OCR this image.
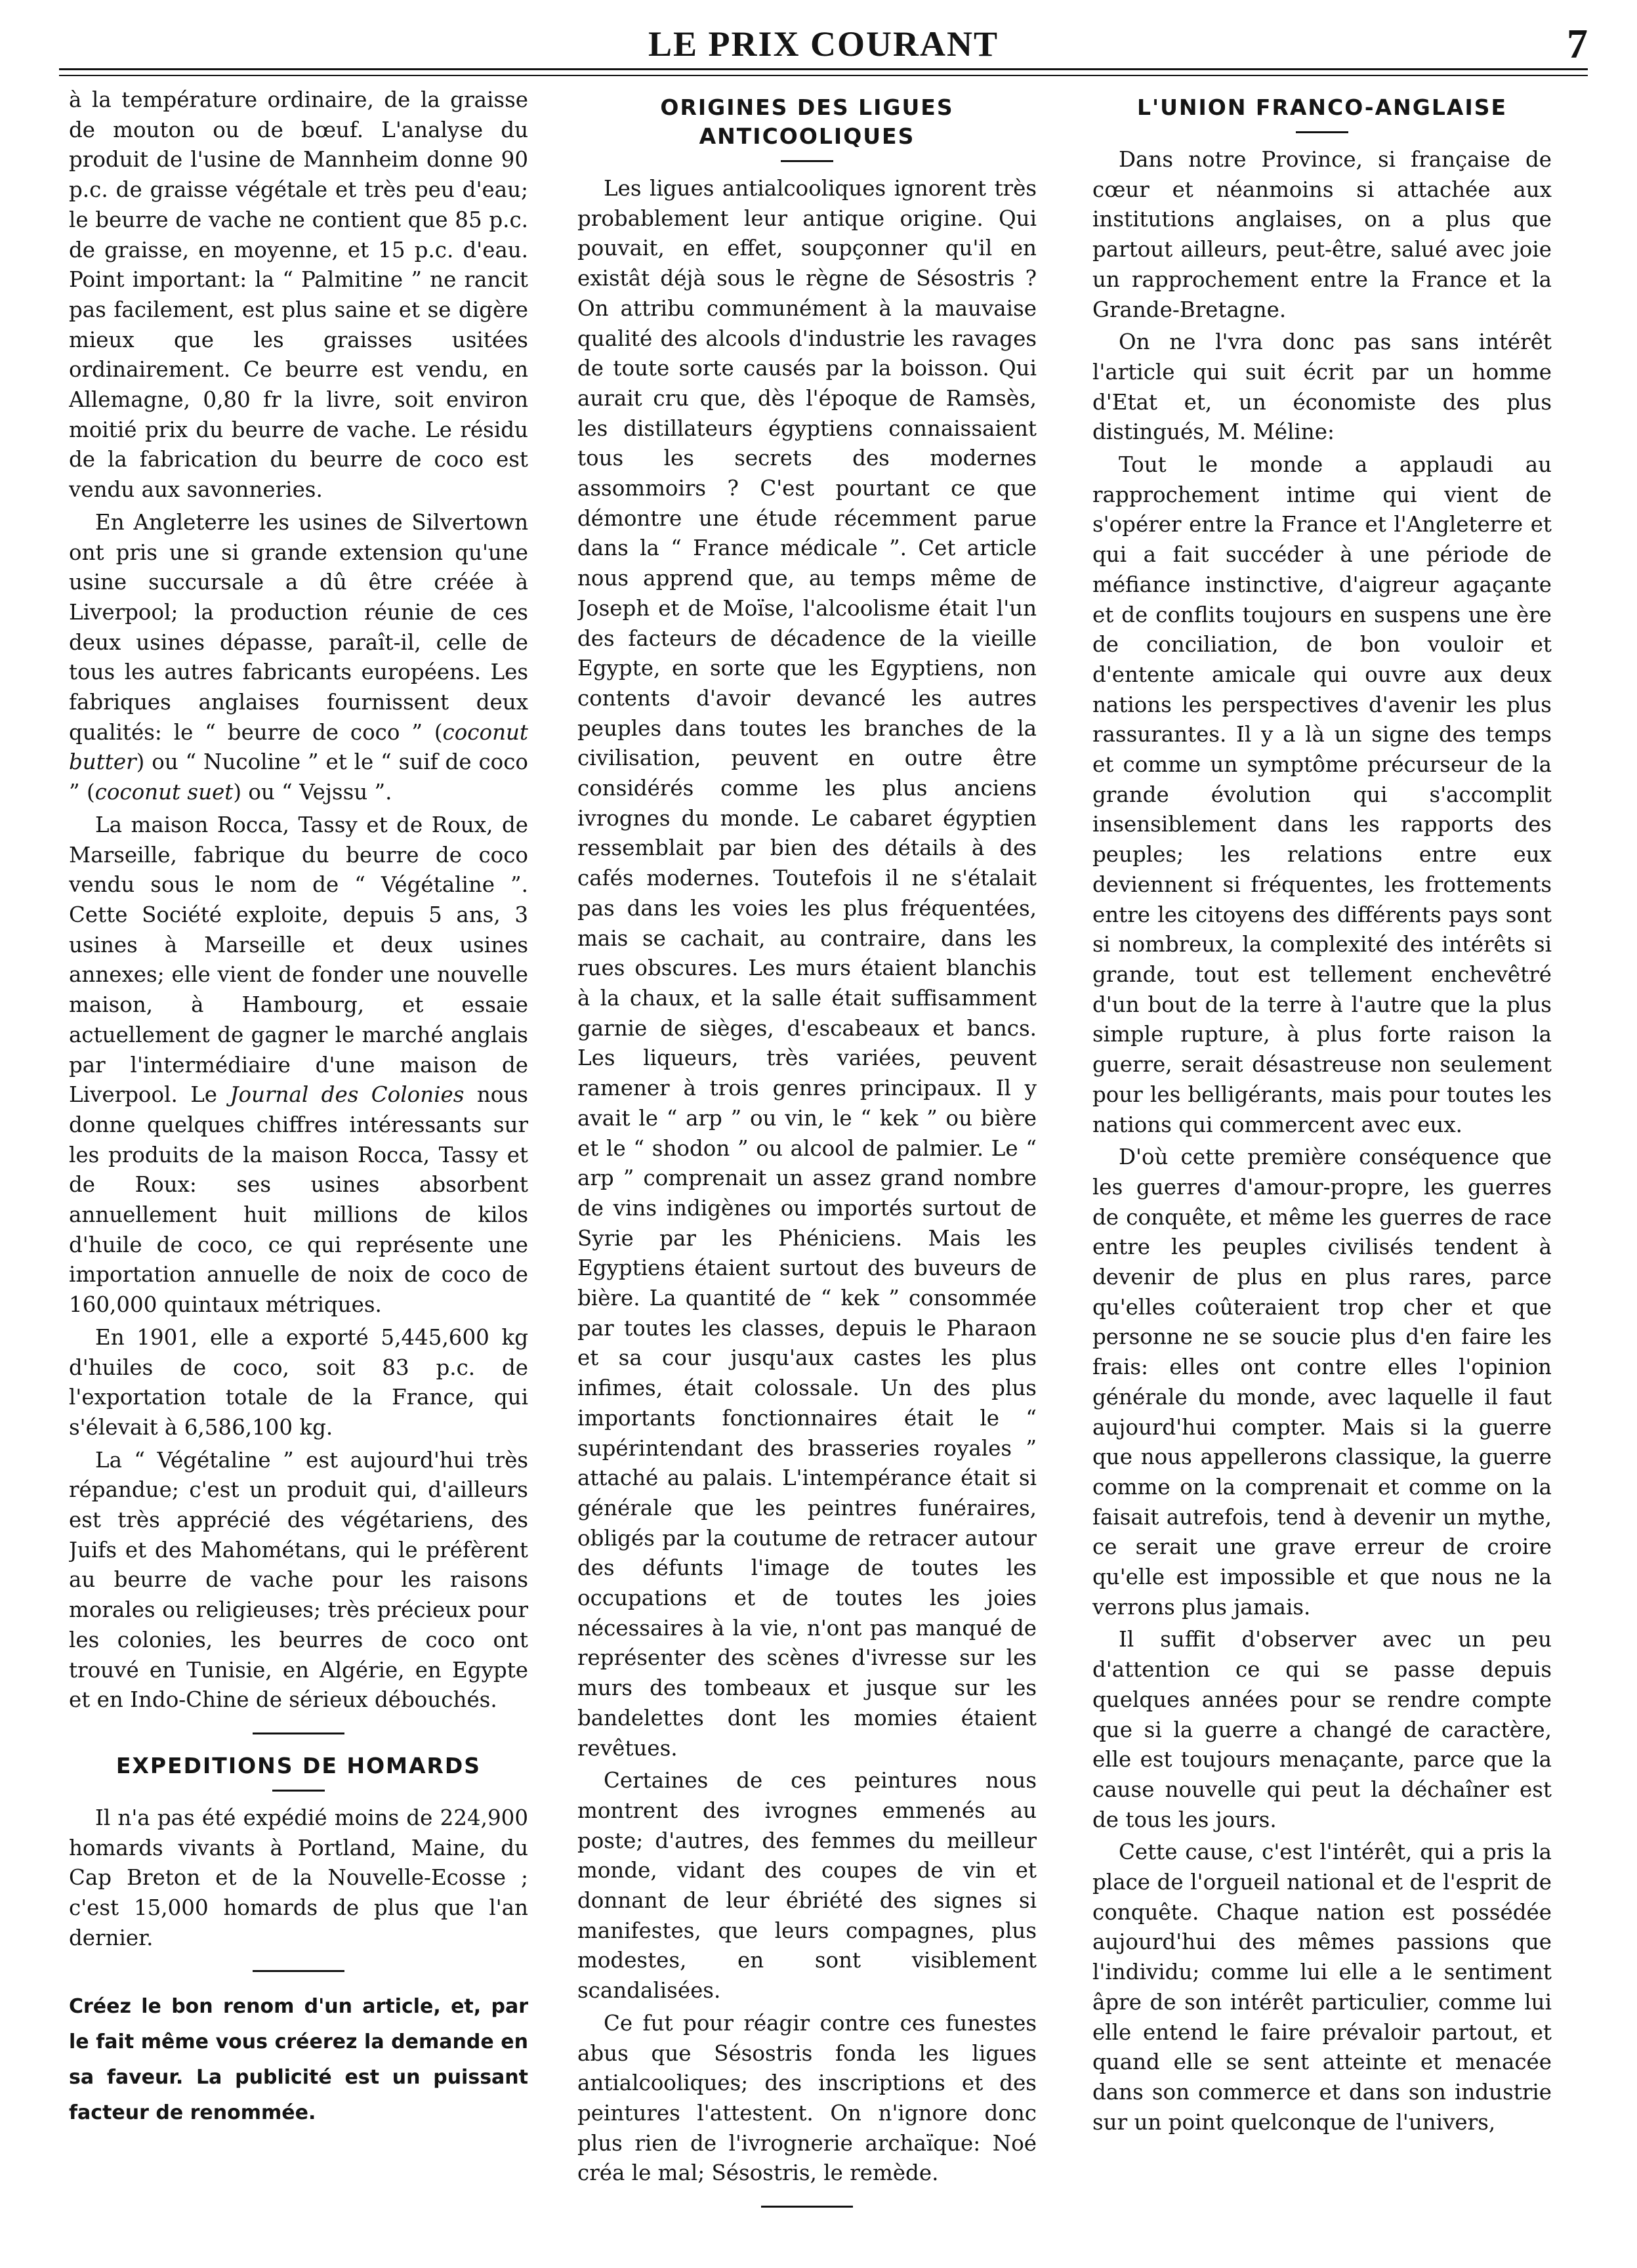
LE PRIX COURANT	7

à la température ordinaire, de la graisse de mouton ou de bœuf. L'analyse du produit de l'usine de Mannheim donne 90 p.c. de graisse végétale et très peu d'eau; le beurre de vache ne contient que 85 p.c. de graisse, en moyenne, et 15 p.c. d'eau. Point important: la “ Palmitine ” ne rancit pas facilement, est plus saine et se digère mieux que les graisses usitées ordinairement. Ce beurre est vendu, en Allemagne, 0,80 fr la livre, soit environ moitié prix du beurre de vache. Le résidu de la fabrication du beurre de coco est vendu aux savonneries.

En Angleterre les usines de Silvertown ont pris une si grande extension qu'une usine succursale a dû être créée à Liverpool; la production réunie de ces deux usines dépasse, paraît-il, celle de tous les autres fabricants européens. Les fabriques anglaises fournissent deux qualités: le “ beurre de coco ” (coconut butter) ou “ Nucoline ” et le “ suif de coco ” (coconut suet) ou “ Vejssu ”.

La maison Rocca, Tassy et de Roux, de Marseille, fabrique du beurre de coco vendu sous le nom de “ Végétaline ”. Cette Société exploite, depuis 5 ans, 3 usines à Marseille et deux usines annexes; elle vient de fonder une nouvelle maison, à Hambourg, et essaie actuellement de gagner le marché anglais par l'intermédiaire d'une maison de Liverpool. Le Journal des Colonies nous donne quelques chiffres intéressants sur les produits de la maison Rocca, Tassy et de Roux: ses usines absorbent annuellement huit millions de kilos d'huile de coco, ce qui représente une importation annuelle de noix de coco de 160,000 quintaux métriques.

En 1901, elle a exporté 5,445,600 kg d'huiles de coco, soit 83 p.c. de l'exportation totale de la France, qui s'élevait à 6,586,100 kg.

La “ Végétaline ” est aujourd'hui très répandue; c'est un produit qui, d'ailleurs est très apprécié des végétariens, des Juifs et des Mahométans, qui le préfèrent au beurre de vache pour les raisons morales ou religieuses; très précieux pour les colonies, les beurres de coco ont trouvé en Tunisie, en Algérie, en Egypte et en Indo-Chine de sérieux débouchés.

EXPEDITIONS DE HOMARDS

Il n'a pas été expédié moins de 224,900 homards vivants à Portland, Maine, du Cap Breton et de la Nouvelle-Ecosse ; c'est 15,000 homards de plus que l'an dernier.

Créez le bon renom d'un article, et, par le fait même vous créerez la demande en sa faveur. La publicité est un puissant facteur de renommée.

ORIGINES DES LIGUES ANTICOOLIQUES

Les ligues antialcooliques ignorent très probablement leur antique origine. Qui pouvait, en effet, soupçonner qu'il en existât déjà sous le règne de Sésostris ? On attribu communément à la mauvaise qualité des alcools d'industrie les ravages de toute sorte causés par la boisson. Qui aurait cru que, dès l'époque de Ramsès, les distillateurs égyptiens connaissaient tous les secrets des modernes assommoirs ? C'est pourtant ce que démontre une étude récemment parue dans la “ France médicale ”. Cet article nous apprend que, au temps même de Joseph et de Moïse, l'alcoolisme était l'un des facteurs de décadence de la vieille Egypte, en sorte que les Egyptiens, non contents d'avoir devancé les autres peuples dans toutes les branches de la civilisation, peuvent en outre être considérés comme les plus anciens ivrognes du monde. Le cabaret égyptien ressemblait par bien des détails à des cafés modernes. Toutefois il ne s'étalait pas dans les voies les plus fréquentées, mais se cachait, au contraire, dans les rues obscures. Les murs étaient blanchis à la chaux, et la salle était suffisamment garnie de sièges, d'escabeaux et bancs. Les liqueurs, très variées, peuvent ramener à trois genres principaux. Il y avait le “ arp ” ou vin, le “ kek ” ou bière et le “ shodon ” ou alcool de palmier. Le “ arp ” comprenait un assez grand nombre de vins indigènes ou importés surtout de Syrie par les Phéniciens. Mais les Egyptiens étaient surtout des buveurs de bière. La quantité de “ kek ” consommée par toutes les classes, depuis le Pharaon et sa cour jusqu'aux castes les plus infimes, était colossale. Un des plus importants fonctionnaires était le “ supérintendant des brasseries royales ” attaché au palais. L'intempérance était si générale que les peintres funéraires, obligés par la coutume de retracer autour des défunts l'image de toutes les occupations et de toutes les joies nécessaires à la vie, n'ont pas manqué de représenter des scènes d'ivresse sur les murs des tombeaux et jusque sur les bandelettes dont les momies étaient revêtues.

Certaines de ces peintures nous montrent des ivrognes emmenés au poste; d'autres, des femmes du meilleur monde, vidant des coupes de vin et donnant de leur ébriété des signes si manifestes, que leurs compagnes, plus modestes, en sont visiblement scandalisées.

Ce fut pour réagir contre ces funestes abus que Sésostris fonda les ligues antialcooliques; des inscriptions et des peintures l'attestent. On n'ignore donc plus rien de l'ivrognerie archaïque: Noé créa le mal; Sésostris, le remède.

L'UNION FRANCO-ANGLAISE

Dans notre Province, si française de cœur et néanmoins si attachée aux institutions anglaises, on a plus que partout ailleurs, peut-être, salué avec joie un rapprochement entre la France et la Grande-Bretagne.

On ne l'vra donc pas sans intérêt l'article qui suit écrit par un homme d'Etat et, un économiste des plus distingués, M. Méline:

Tout le monde a applaudi au rapprochement intime qui vient de s'opérer entre la France et l'Angleterre et qui a fait succéder à une période de méfiance instinctive, d'aigreur agaçante et de conflits toujours en suspens une ère de conciliation, de bon vouloir et d'entente amicale qui ouvre aux deux nations les perspectives d'avenir les plus rassurantes. Il y a là un signe des temps et comme un symptôme précurseur de la grande évolution qui s'accomplit insensiblement dans les rapports des peuples; les relations entre eux deviennent si fréquentes, les frottements entre les citoyens des différents pays sont si nombreux, la complexité des intérêts si grande, tout est tellement enchevêtré d'un bout de la terre à l'autre que la plus simple rupture, à plus forte raison la guerre, serait désastreuse non seulement pour les belligérants, mais pour toutes les nations qui commercent avec eux.

D'où cette première conséquence que les guerres d'amour-propre, les guerres de conquête, et même les guerres de race entre les peuples civilisés tendent à devenir de plus en plus rares, parce qu'elles coûteraient trop cher et que personne ne se soucie plus d'en faire les frais: elles ont contre elles l'opinion générale du monde, avec laquelle il faut aujourd'hui compter. Mais si la guerre que nous appellerons classique, la guerre comme on la comprenait et comme on la faisait autrefois, tend à devenir un mythe, ce serait une grave erreur de croire qu'elle est impossible et que nous ne la verrons plus jamais.

Il suffit d'observer avec un peu d'attention ce qui se passe depuis quelques années pour se rendre compte que si la guerre a changé de caractère, elle est toujours menaçante, parce que la cause nouvelle qui peut la déchaîner est de tous les jours.

Cette cause, c'est l'intérêt, qui a pris la place de l'orgueil national et de l'esprit de conquête. Chaque nation est possédée aujourd'hui des mêmes passions que l'individu; comme lui elle a le sentiment âpre de son intérêt particulier, comme lui elle entend le faire prévaloir partout, et quand elle se sent atteinte et menacée dans son commerce et dans son industrie sur un point quelconque de l'univers,
